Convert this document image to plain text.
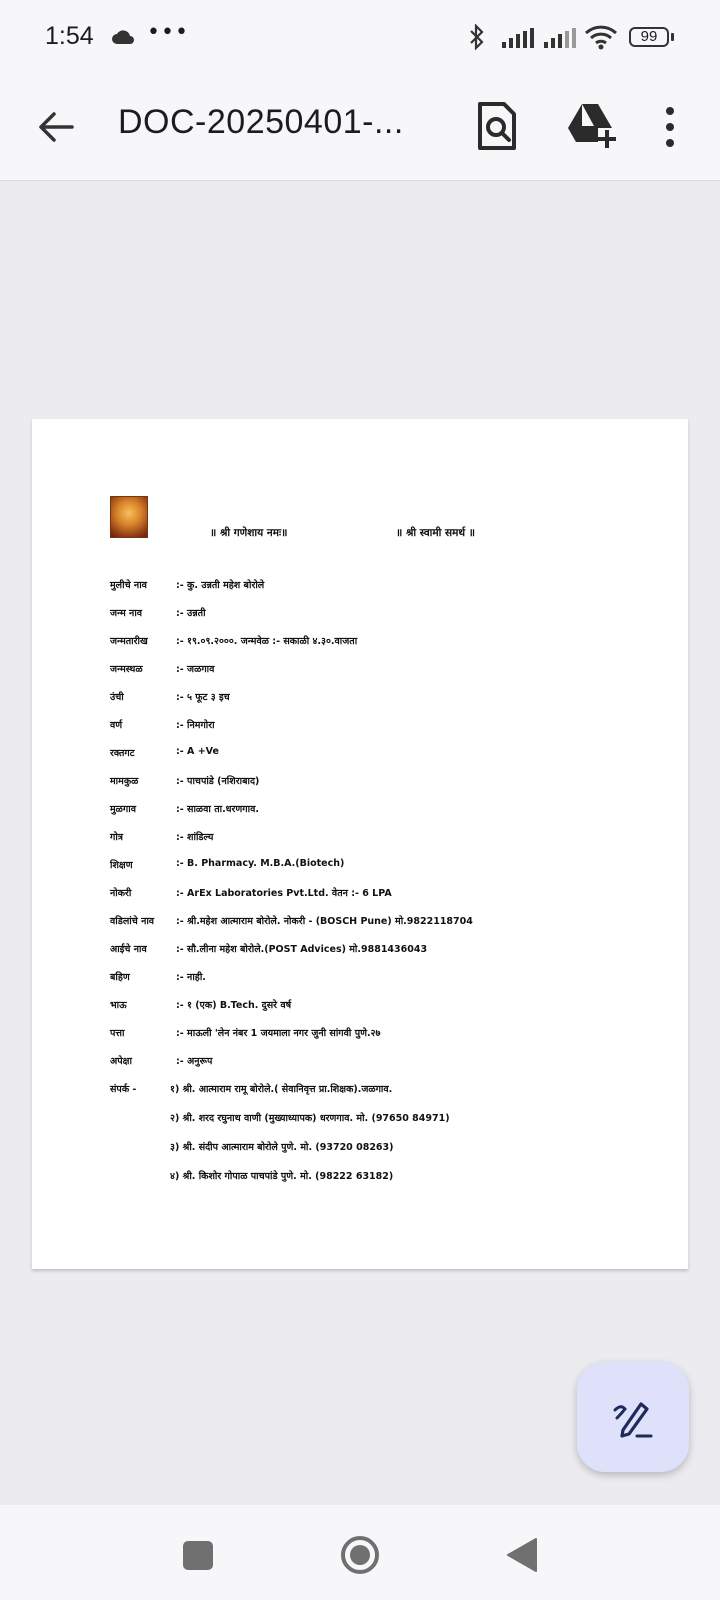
1:54 •••	99
DOC-20250401-...
॥ श्री गणेशाय नमः॥	॥ श्री स्वामी समर्थ ॥
मुलीचे नाव	:- कु. उन्नती महेश बोरोले
जन्म नाव	:- उन्नती
जन्मतारीख	:- १९.०९.२०००. जन्मवेळ :- सकाळी ४.३०.वाजता
जन्मस्थळ	:- जळगाव
उंची	:- ५ फूट ३ इच
वर्ण	:- निमगोरा
रक्तगट	:- A +Ve
मामकुळ	:- पाचपांडे (नशिराबाद)
मुळगाव	:- साळवा ता.धरणगाव.
गोत्र	:- शांडिल्य
शिक्षण	:- B. Pharmacy. M.B.A.(Biotech)
नोकरी	:- ArEx Laboratories Pvt.Ltd. वेतन :- 6 LPA
वडिलांचे नाव :- श्री.महेश आत्माराम बोरोले. नोकरी - (BOSCH Pune) मो.9822118704
आईचे नाव	:- सौ.लीना महेश बोरोले.(POST Advices) मो.9881436043
बहिण	:- नाही.
भाऊ	:- १ (एक) B.Tech. दुसरे वर्ष
पत्ता	:- माऊली 'लेन नंबर 1 जयमाला नगर जुनी सांगवी पुणे.२७
अपेक्षा	:- अनुरूप
संपर्क -	१) श्री. आत्माराम रामू बोरोले.( सेवानिवृत्त प्रा.शिक्षक).जळगाव.
२) श्री. शरद रघुनाथ वाणी (मुख्याध्यापक) धरणगाव. मो. (97650 84971)
३) श्री. संदीप आत्माराम बोरोले पुणे. मो. (93720 08263)
४) श्री. किशोर गोपाळ पाचपांडे पुणे. मो. (98222 63182)
